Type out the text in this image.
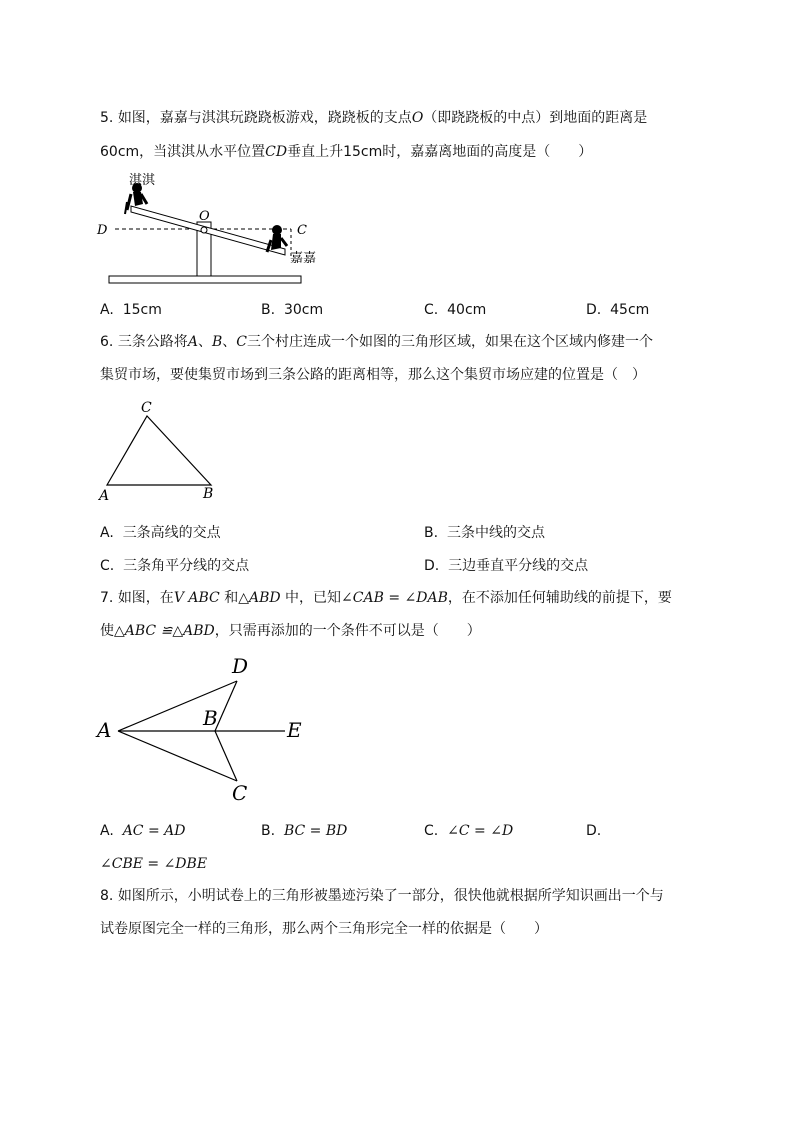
5. 如图，嘉嘉与淇淇玩跷跷板游戏，跷跷板的支点O（即跷跷板的中点）到地面的距离是
60cm，当淇淇从水平位置CD垂直上升15cm时，嘉嘉离地面的高度是（　　）
淇淇
嘉嘉
D
O
C
A. 15cm	B. 30cm	C. 40cm	D. 45cm
6. 三条公路将A、B、C三个村庄连成一个如图的三角形区域，如果在这个区域内修建一个
集贸市场，要使集贸市场到三条公路的距离相等，那么这个集贸市场应建的位置是（　）
C
A	B
A. 三条高线的交点	B. 三条中线的交点
C. 三条角平分线的交点	D. 三边垂直平分线的交点
7. 如图，在V ABC 和△ABD 中，已知∠CAB = ∠DAB，在不添加任何辅助线的前提下，要
使△ABC ≌△ABD，只需再添加的一个条件不可以是（　　）
A	B
D
C
E
A. AC = AD	B. BC = BD	C. ∠C = ∠D	D.
∠CBE = ∠DBE
8. 如图所示，小明试卷上的三角形被墨迹污染了一部分，很快他就根据所学知识画出一个与
试卷原图完全一样的三角形，那么两个三角形完全一样的依据是（　　）
